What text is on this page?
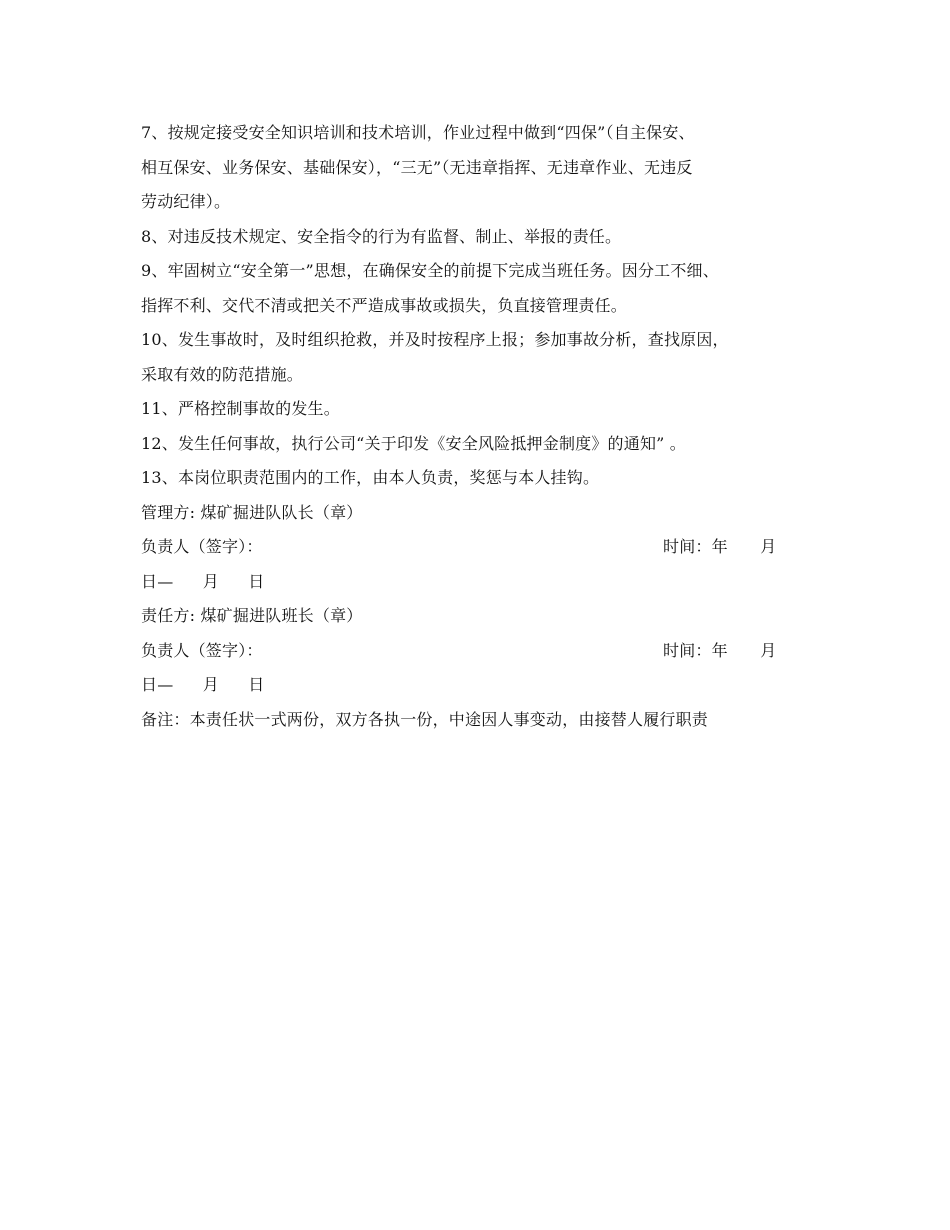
7、按规定接受安全知识培训和技术培训，作业过程中做到“四保”（自主保安、
相互保安、业务保安、基础保安），“三无”（无违章指挥、无违章作业、无违反
劳动纪律）。
8、对违反技术规定、安全指令的行为有监督、制止、举报的责任。
9、牢固树立“安全第一”思想，在确保安全的前提下完成当班任务。因分工不细、
指挥不利、交代不清或把关不严造成事故或损失，负直接管理责任。
10、发生事故时，及时组织抢救，并及时按程序上报；参加事故分析，查找原因，
采取有效的防范措施。
11、严格控制事故的发生。
12、发生任何事故，执行公司“关于印发《安全风险抵押金制度》的通知” 。
13、本岗位职责范围内的工作，由本人负责，奖惩与本人挂钩。
管理方: 煤矿掘进队队长（章）
负责人（签字）：	时间：年　　月
日— 月 日
责任方: 煤矿掘进队班长（章）
负责人（签字）：	时间：年　　月
日— 月 日
备注：本责任状一式两份，双方各执一份，中途因人事变动，由接替人履行职责
